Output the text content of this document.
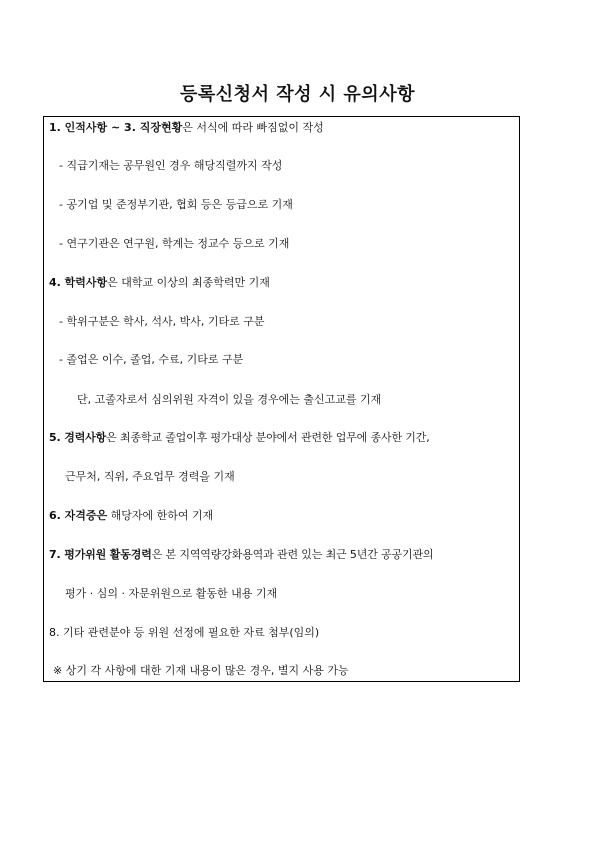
등록신청서 작성 시 유의사항
1. 인적사항 ~ 3. 직장현황은 서식에 따라 빠짐없이 작성
- 직급기재는 공무원인 경우 해당직렬까지 작성
- 공기업 및 준정부기관, 협회 등은 등급으로 기재
- 연구기관은 연구원, 학계는 정교수 등으로 기재
4. 학력사항은 대학교 이상의 최종학력만 기재
- 학위구분은 학사, 석사, 박사, 기타로 구분
- 졸업은 이수, 졸업, 수료, 기타로 구분
단, 고졸자로서 심의위원 자격이 있을 경우에는 출신고교를 기재
5. 경력사항은 최종학교 졸업이후 평가대상 분야에서 관련한 업무에 종사한 기간,
근무처, 직위, 주요업무 경력을 기재
6. 자격증은 해당자에 한하여 기재
7. 평가위원 활동경력은 본 지역역량강화용역과 관련 있는 최근 5년간 공공기관의
평가 · 심의 · 자문위원으로 활동한 내용 기재
8. 기타 관련분야 등 위원 선정에 필요한 자료 첨부(임의)
※ 상기 각 사항에 대한 기재 내용이 많은 경우, 별지 사용 가능
